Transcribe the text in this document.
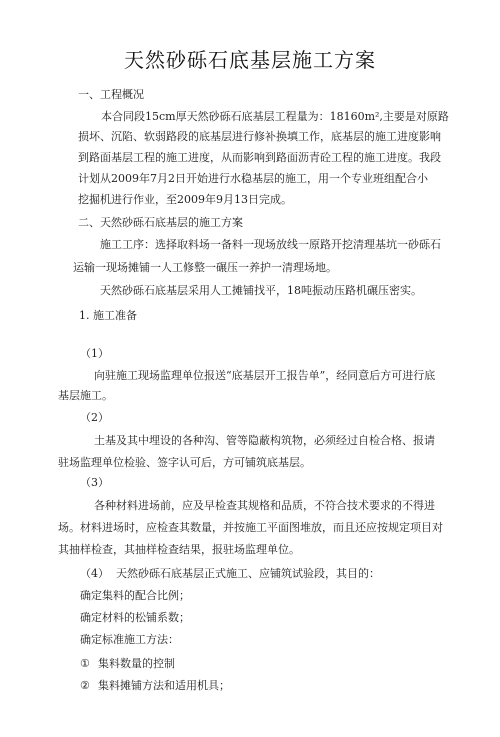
天然砂砾石底基层施工方案
一、工程概况
本合同段15cm厚天然砂砾石底基层工程量为：18160m²,主要是对原路
损坏、沉陷、软弱路段的底基层进行修补换填工作，底基层的施工进度影响
到路面基层工程的施工进度，从而影响到路面沥青砼工程的施工进度。我段
计划从2009年7月2日开始进行水稳基层的施工，用一个专业班组配合小
挖掘机进行作业，至2009年9月13日完成。
二、天然砂砾石底基层的施工方案
施工工序：选择取料场一备料一现场放线一原路开挖清理基坑一砂砾石
运输一现场摊铺一人工修整一碾压一养护一清理场地。
天然砂砾石底基层采用人工摊铺找平，18吨振动压路机碾压密实。
1. 施工准备
（1）
向驻施工现场监理单位报送“底基层开工报告单”，经同意后方可进行底
基层施工。
（2）
土基及其中埋设的各种沟、管等隐蔽构筑物，必须经过自检合格、报请
驻场监理单位检验、签字认可后，方可铺筑底基层。
（3）
各种材料进场前，应及早检查其规格和品质，不符合技术要求的不得进
场。材料进场时，应检查其数量，并按施工平面图堆放，而且还应按规定项目对
其抽样检查，其抽样检查结果，报驻场监理单位。
（4） 天然砂砾石底基层正式施工、应铺筑试验段，其目的：
确定集料的配合比例；
确定材料的松铺系数；
确定标准施工方法：
① 集料数量的控制
② 集料摊铺方法和适用机具；
